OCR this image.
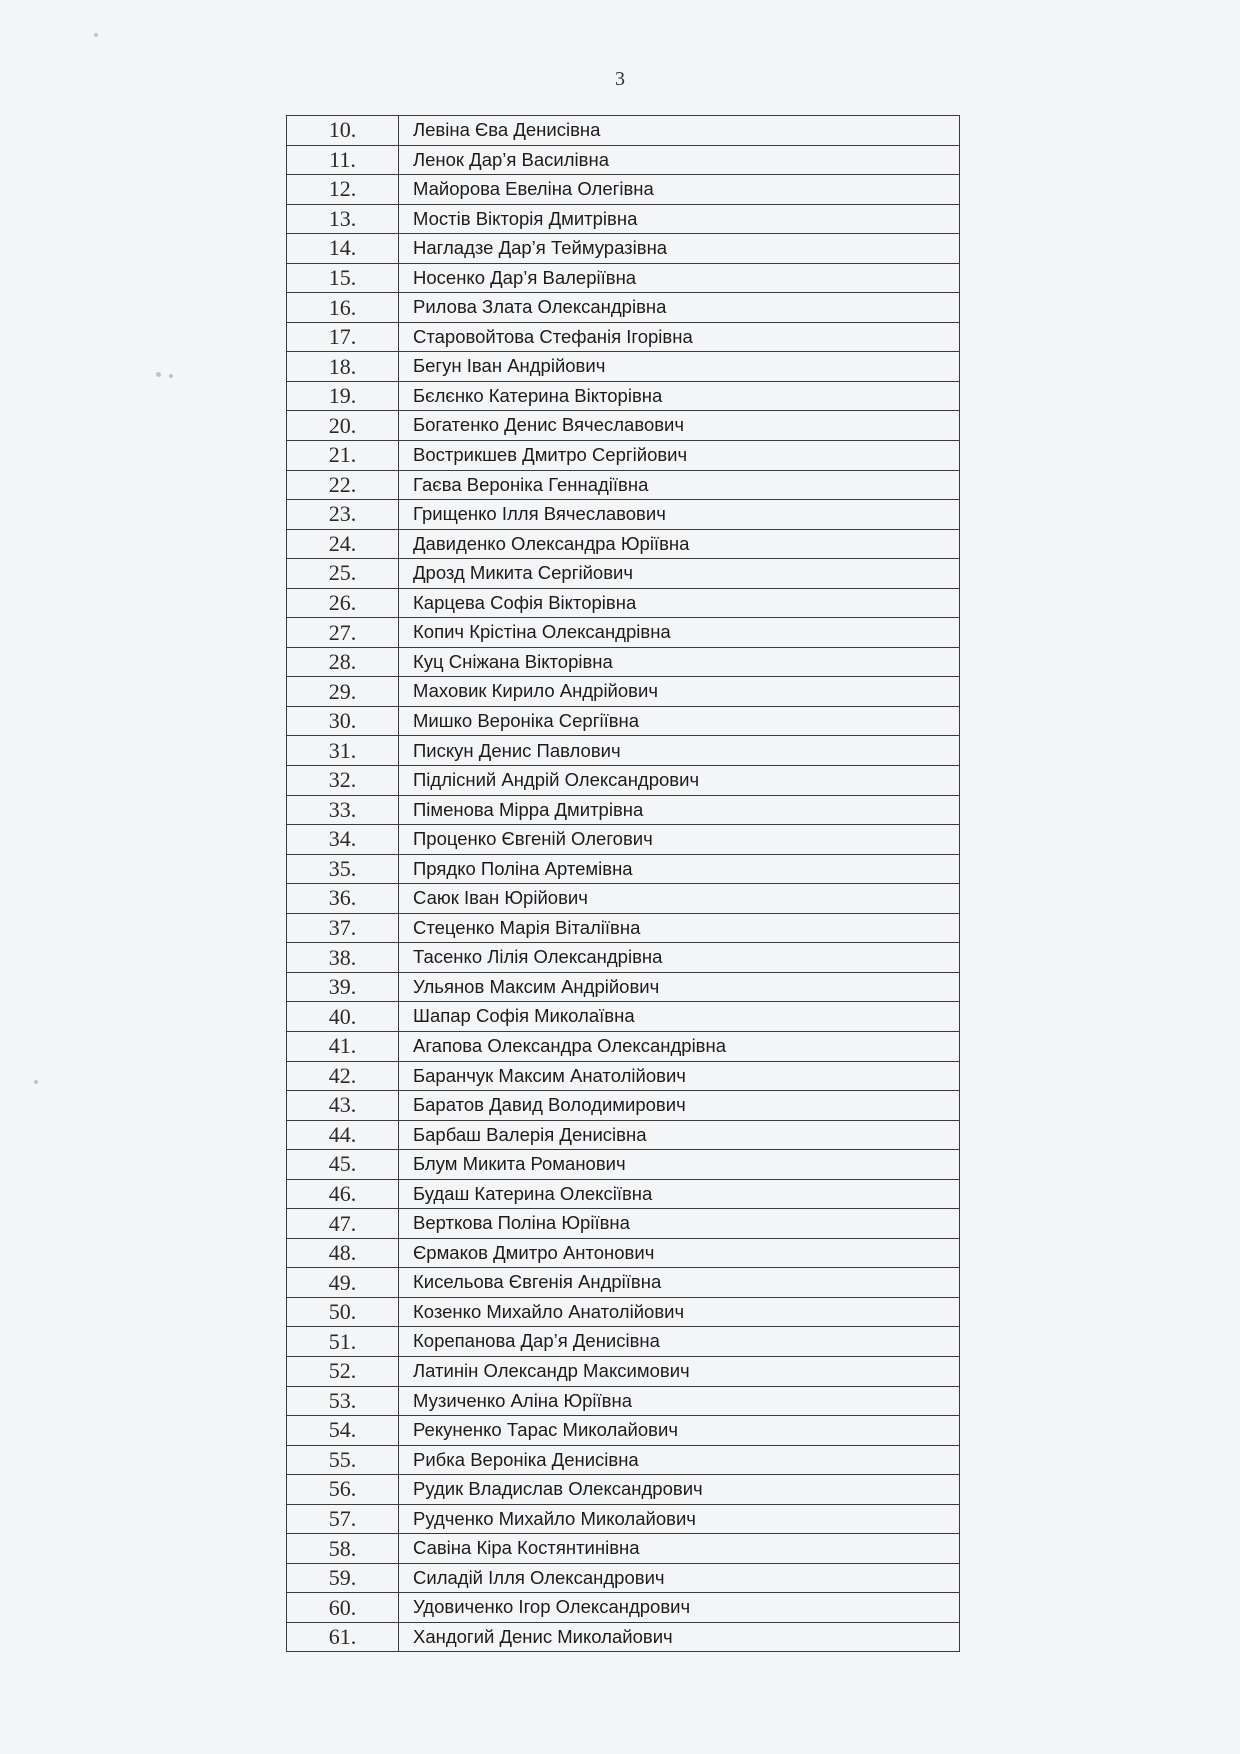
3
10.	Левіна Єва Денисівна
11.	Ленок Дар’я Василівна
12.	Майорова Евеліна Олегівна
13.	Мостів Вікторія Дмитрівна
14.	Нагладзе Дар’я Теймуразівна
15.	Носенко Дар’я Валеріївна
16.	Рилова Злата Олександрівна
17.	Старовойтова Стефанія Ігорівна
18.	Бегун Іван Андрійович
19.	Бєлєнко Катерина Вікторівна
20.	Богатенко Денис Вячеславович
21.	Вострикшев Дмитро Сергійович
22.	Гаєва Вероніка Геннадіївна
23.	Грищенко Ілля Вячеславович
24.	Давиденко Олександра Юріївна
25.	Дрозд Микита Сергійович
26.	Карцева Софія Вікторівна
27.	Копич Крістіна Олександрівна
28.	Куц Сніжана Вікторівна
29.	Маховик Кирило Андрійович
30.	Мишко Вероніка Сергіївна
31.	Пискун Денис Павлович
32.	Підлісний Андрій Олександрович
33.	Піменова Мірра Дмитрівна
34.	Проценко Євгеній Олегович
35.	Прядко Поліна Артемівна
36.	Саюк Іван Юрійович
37.	Стеценко Марія Віталіївна
38.	Тасенко Лілія Олександрівна
39.	Ульянов Максим Андрійович
40.	Шапар Софія Миколаївна
41.	Агапова Олександра Олександрівна
42.	Баранчук Максим Анатолійович
43.	Баратов Давид Володимирович
44.	Барбаш Валерія Денисівна
45.	Блум Микита Романович
46.	Будаш Катерина Олексіївна
47.	Верткова Поліна Юріївна
48.	Єрмаков Дмитро Антонович
49.	Кисельова Євгенія Андріївна
50.	Козенко Михайло Анатолійович
51.	Корепанова Дар’я Денисівна
52.	Латинін Олександр Максимович
53.	Музиченко Аліна Юріївна
54.	Рекуненко Тарас Миколайович
55.	Рибка Вероніка Денисівна
56.	Рудик Владислав Олександрович
57.	Рудченко Михайло Миколайович
58.	Савіна Кіра Костянтинівна
59.	Силадій Ілля Олександрович
60.	Удовиченко Ігор Олександрович
61.	Хандогий Денис Миколайович
